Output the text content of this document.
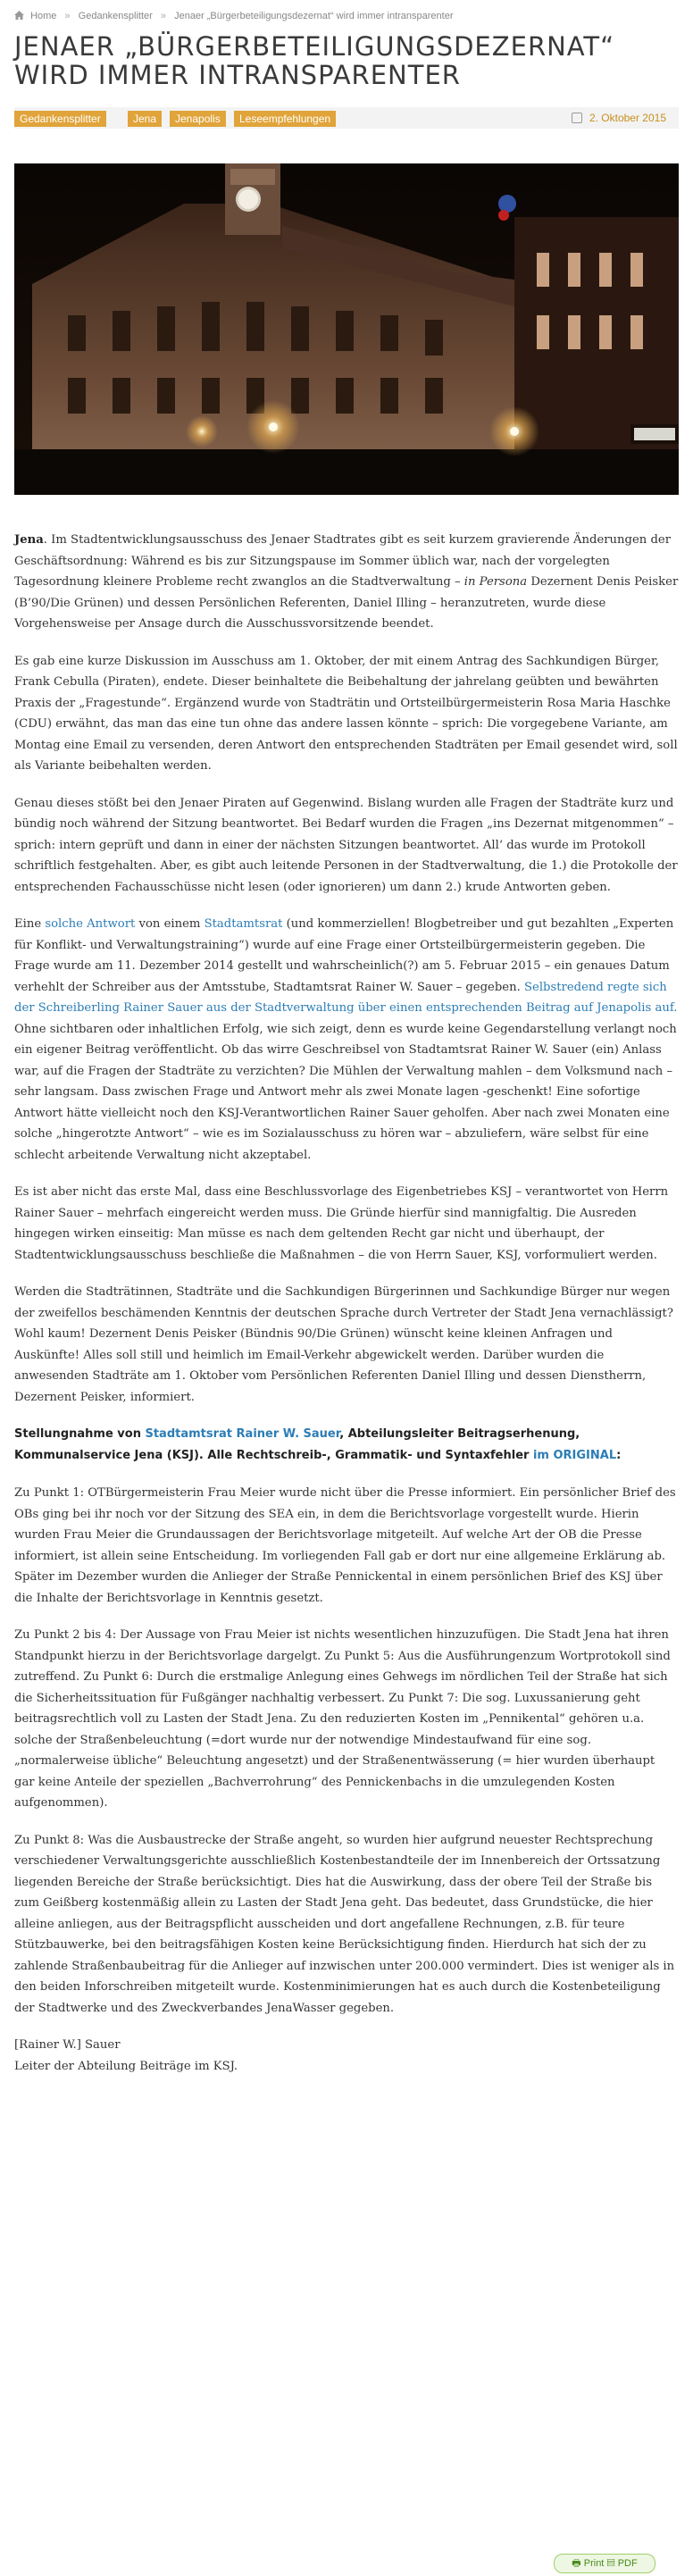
Home » Gedankensplitter » Jenaer „Bürgerbeteiligungsdezernat“ wird immer intransparenter
JENAER „BÜRGERBETEILIGUNGSDEZERNAT“ WIRD IMMER INTRANSPARENTER
Gedankensplitter	Jena	Jenapolis	Leseempfehlungen	2. Oktober 2015

Jena. Im Stadtentwicklungsausschuss des Jenaer Stadtrates gibt es seit kurzem gravierende Änderungen der Geschäftsordnung: Während es bis zur Sitzungspause im Sommer üblich war, nach der vorgelegten Tagesordnung kleinere Probleme recht zwanglos an die Stadtverwaltung – in Persona Dezernent Denis Peisker (B’90/Die Grünen) und dessen Persönlichen Referenten, Daniel Illing – heranzutreten, wurde diese Vorgehensweise per Ansage durch die Ausschussvorsitzende beendet.

Es gab eine kurze Diskussion im Ausschuss am 1. Oktober, der mit einem Antrag des Sachkundigen Bürger, Frank Cebulla (Piraten), endete. Dieser beinhaltete die Beibehaltung der jahrelang geübten und bewährten Praxis der „Fragestunde“. Ergänzend wurde von Stadträtin und Ortsteilbürgermeisterin Rosa Maria Haschke (CDU) erwähnt, das man das eine tun ohne das andere lassen könnte – sprich: Die vorgegebene Variante, am Montag eine Email zu versenden, deren Antwort den entsprechenden Stadträten per Email gesendet wird, soll als Variante beibehalten werden.

Genau dieses stößt bei den Jenaer Piraten auf Gegenwind. Bislang wurden alle Fragen der Stadträte kurz und bündig noch während der Sitzung beantwortet. Bei Bedarf wurden die Fragen „ins Dezernat mitgenommen“ – sprich: intern geprüft und dann in einer der nächsten Sitzungen beantwortet. All‘ das wurde im Protokoll schriftlich festgehalten. Aber, es gibt auch leitende Personen in der Stadtverwaltung, die 1.) die Protokolle der entsprechenden Fachausschüsse nicht lesen (oder ignorieren) um dann 2.) krude Antworten geben.

Eine solche Antwort von einem Stadtamtsrat (und kommerziellen! Blogbetreiber und gut bezahlten „Experten für Konflikt- und Verwaltungstraining“) wurde auf eine Frage einer Ortsteilbürgermeisterin gegeben. Die Frage wurde am 11. Dezember 2014 gestellt und wahrscheinlich(?) am 5. Februar 2015 – ein genaues Datum verhehlt der Schreiber aus der Amtsstube, Stadtamtsrat Rainer W. Sauer – gegeben. Selbstredend regte sich der Schreiberling Rainer Sauer aus der Stadtverwaltung über einen entsprechenden Beitrag auf Jenapolis auf. Ohne sichtbaren oder inhaltlichen Erfolg, wie sich zeigt, denn es wurde keine Gegendarstellung verlangt noch ein eigener Beitrag veröffentlicht. Ob das wirre Geschreibsel von Stadtamtsrat Rainer W. Sauer (ein) Anlass war, auf die Fragen der Stadträte zu verzichten? Die Mühlen der Verwaltung mahlen – dem Volksmund nach – sehr langsam. Dass zwischen Frage und Antwort mehr als zwei Monate lagen -geschenkt! Eine sofortige Antwort hätte vielleicht noch den KSJ-Verantwortlichen Rainer Sauer geholfen. Aber nach zwei Monaten eine solche „hingerotzte Antwort“ – wie es im Sozialausschuss zu hören war – abzuliefern, wäre selbst für eine schlecht arbeitende Verwaltung nicht akzeptabel.

Es ist aber nicht das erste Mal, dass eine Beschlussvorlage des Eigenbetriebes KSJ – verantwortet von Herrn Rainer Sauer – mehrfach eingereicht werden muss. Die Gründe hierfür sind mannigfaltig. Die Ausreden hingegen wirken einseitig: Man müsse es nach dem geltenden Recht gar nicht und überhaupt, der Stadtentwicklungsausschuss beschließe die Maßnahmen – die von Herrn Sauer, KSJ, vorformuliert werden.

Werden die Stadträtinnen, Stadträte und die Sachkundigen Bürgerinnen und Sachkundige Bürger nur wegen der zweifellos beschämenden Kenntnis der deutschen Sprache durch Vertreter der Stadt Jena vernachlässigt? Wohl kaum! Dezernent Denis Peisker (Bündnis 90/Die Grünen) wünscht keine kleinen Anfragen und Auskünfte! Alles soll still und heimlich im Email-Verkehr abgewickelt werden. Darüber wurden die anwesenden Stadträte am 1. Oktober vom Persönlichen Referenten Daniel Illing und dessen Dienstherrn, Dezernent Peisker, informiert.

Stellungnahme von Stadtamtsrat Rainer W. Sauer, Abteilungsleiter Beitragserhenung, Kommunalservice Jena (KSJ). Alle Rechtschreib-, Grammatik- und Syntaxfehler im ORIGINAL:

Zu Punkt 1: OTBürgermeisterin Frau Meier wurde nicht über die Presse informiert. Ein persönlicher Brief des OBs ging bei ihr noch vor der Sitzung des SEA ein, in dem die Berichtsvorlage vorgestellt wurde. Hierin wurden Frau Meier die Grundaussagen der Berichtsvorlage mitgeteilt. Auf welche Art der OB die Presse informiert, ist allein seine Entscheidung. Im vorliegenden Fall gab er dort nur eine allgemeine Erklärung ab. Später im Dezember wurden die Anlieger der Straße Pennickental in einem persönlichen Brief des KSJ über die Inhalte der Berichtsvorlage in Kenntnis gesetzt.

Zu Punkt 2 bis 4: Der Aussage von Frau Meier ist nichts wesentlichen hinzuzufügen. Die Stadt Jena hat ihren Standpunkt hierzu in der Berichtsvorlage dargelgt. Zu Punkt 5: Aus die Ausführungenzum Wortprotokoll sind zutreffend. Zu Punkt 6: Durch die erstmalige Anlegung eines Gehwegs im nördlichen Teil der Straße hat sich die Sicherheitssituation für Fußgänger nachhaltig verbessert. Zu Punkt 7: Die sog. Luxussanierung geht beitragsrechtlich voll zu Lasten der Stadt Jena. Zu den reduzierten Kosten im „Pennikental“ gehören u.a. solche der Straßenbeleuchtung (=dort wurde nur der notwendige Mindestaufwand für eine sog. „normalerweise übliche“ Beleuchtung angesetzt) und der Straßenentwässerung (= hier wurden überhaupt gar keine Anteile der speziellen „Bachverrohrung“ des Pennickenbachs in die umzulegenden Kosten aufgenommen).

Zu Punkt 8: Was die Ausbaustrecke der Straße angeht, so wurden hier aufgrund neuester Rechtsprechung verschiedener Verwaltungsgerichte ausschließlich Kostenbestandteile der im Innenbereich der Ortssatzung liegenden Bereiche der Straße berücksichtigt. Dies hat die Auswirkung, dass der obere Teil der Straße bis zum Geißberg kostenmäßig allein zu Lasten der Stadt Jena geht. Das bedeutet, dass Grundstücke, die hier alleine anliegen, aus der Beitragspflicht ausscheiden und dort angefallene Rechnungen, z.B. für teure Stützbauwerke, bei den beitragsfähigen Kosten keine Berücksichtigung finden. Hierdurch hat sich der zu zahlende Straßenbaubeitrag für die Anlieger auf inzwischen unter 200.000 vermindert. Dies ist weniger als in den beiden Inforschreiben mitgeteilt wurde. Kostenminimierungen hat es auch durch die Kostenbeteiligung der Stadtwerke und des Zweckverbandes JenaWasser gegeben.

[Rainer W.] Sauer
Leiter der Abteilung Beiträge im KSJ.

🖶 Print ▤ PDF
